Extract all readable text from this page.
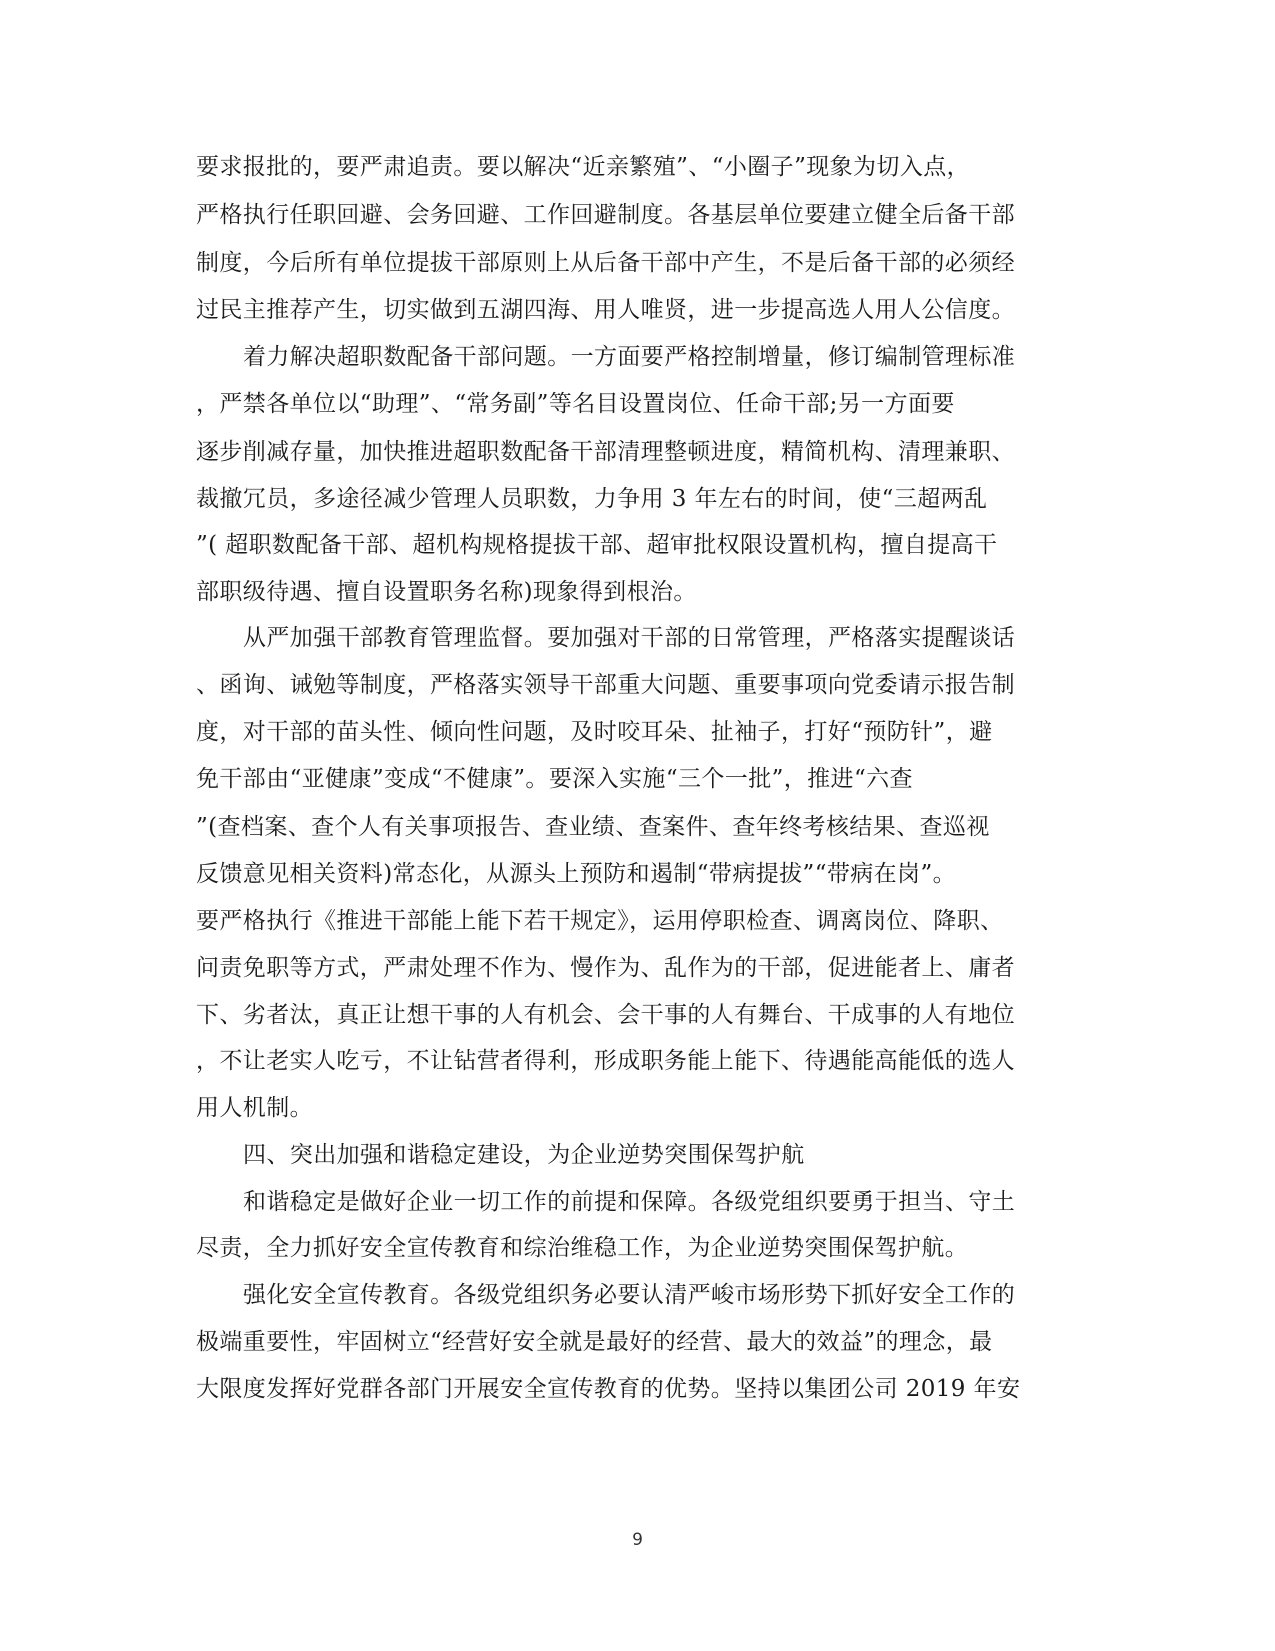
要求报批的，要严肃追责。要以解决“近亲繁殖”、“小圈子”现象为切入点，
严格执行任职回避、会务回避、工作回避制度。各基层单位要建立健全后备干部
制度，今后所有单位提拔干部原则上从后备干部中产生，不是后备干部的必须经
过民主推荐产生，切实做到五湖四海、用人唯贤，进一步提高选人用人公信度。
着力解决超职数配备干部问题。一方面要严格控制增量，修订编制管理标准
，严禁各单位以“助理”、“常务副”等名目设置岗位、任命干部;另一方面要
逐步削减存量，加快推进超职数配备干部清理整顿进度，精简机构、清理兼职、
裁撤冗员，多途径减少管理人员职数，力争用 3 年左右的时间，使“三超两乱
”( 超职数配备干部、超机构规格提拔干部、超审批权限设置机构，擅自提高干
部职级待遇、擅自设置职务名称)现象得到根治。
从严加强干部教育管理监督。要加强对干部的日常管理，严格落实提醒谈话
、函询、诫勉等制度，严格落实领导干部重大问题、重要事项向党委请示报告制
度，对干部的苗头性、倾向性问题，及时咬耳朵、扯袖子，打好“预防针”，避
免干部由“亚健康”变成“不健康”。要深入实施“三个一批”，推进“六查
”(查档案、查个人有关事项报告、查业绩、查案件、查年终考核结果、查巡视
反馈意见相关资料)常态化，从源头上预防和遏制“带病提拔”“带病在岗”。
要严格执行《推进干部能上能下若干规定》，运用停职检查、调离岗位、降职、
问责免职等方式，严肃处理不作为、慢作为、乱作为的干部，促进能者上、庸者
下、劣者汰，真正让想干事的人有机会、会干事的人有舞台、干成事的人有地位
，不让老实人吃亏，不让钻营者得利，形成职务能上能下、待遇能高能低的选人
用人机制。
四、突出加强和谐稳定建设，为企业逆势突围保驾护航
和谐稳定是做好企业一切工作的前提和保障。各级党组织要勇于担当、守土
尽责，全力抓好安全宣传教育和综治维稳工作，为企业逆势突围保驾护航。
强化安全宣传教育。各级党组织务必要认清严峻市场形势下抓好安全工作的
极端重要性，牢固树立“经营好安全就是最好的经营、最大的效益”的理念，最
大限度发挥好党群各部门开展安全宣传教育的优势。坚持以集团公司 2019 年安
9
